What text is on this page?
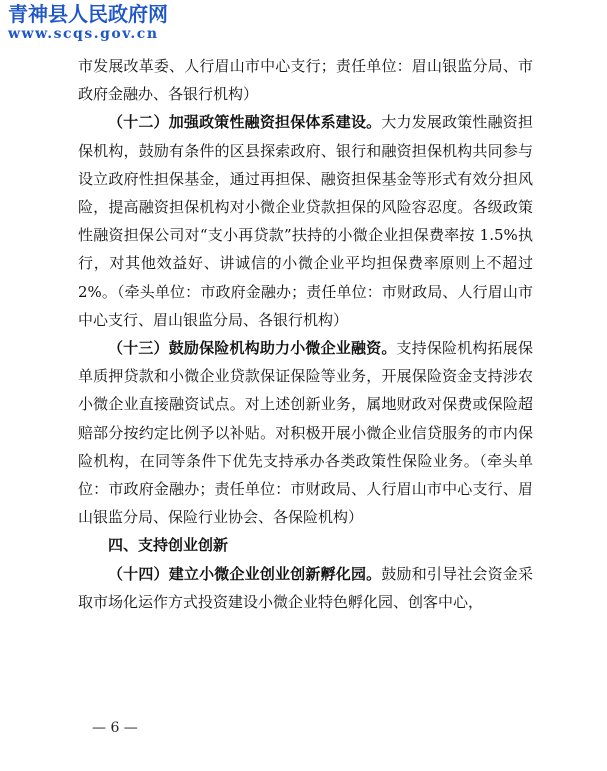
青神县人民政府网
www.scqs.gov.cn

市发展改革委、人行眉山市中心支行；责任单位：眉山银监分局、市政府金融办、各银行机构）

（十二）加强政策性融资担保体系建设。大力发展政策性融资担保机构，鼓励有条件的区县探索政府、银行和融资担保机构共同参与设立政府性担保基金，通过再担保、融资担保基金等形式有效分担风险，提高融资担保机构对小微企业贷款担保的风险容忍度。各级政策性融资担保公司对“支小再贷款”扶持的小微企业担保费率按 1.5%执行，对其他效益好、讲诚信的小微企业平均担保费率原则上不超过 2%。（牵头单位：市政府金融办；责任单位：市财政局、人行眉山市中心支行、眉山银监分局、各银行机构）

（十三）鼓励保险机构助力小微企业融资。支持保险机构拓展保单质押贷款和小微企业贷款保证保险等业务，开展保险资金支持涉农小微企业直接融资试点。对上述创新业务，属地财政对保费或保险超赔部分按约定比例予以补贴。对积极开展小微企业信贷服务的市内保险机构，在同等条件下优先支持承办各类政策性保险业务。（牵头单位：市政府金融办；责任单位：市财政局、人行眉山市中心支行、眉山银监分局、保险行业协会、各保险机构）

四、支持创业创新

（十四）建立小微企业创业创新孵化园。鼓励和引导社会资金采取市场化运作方式投资建设小微企业特色孵化园、创客中心，

— 6 —
